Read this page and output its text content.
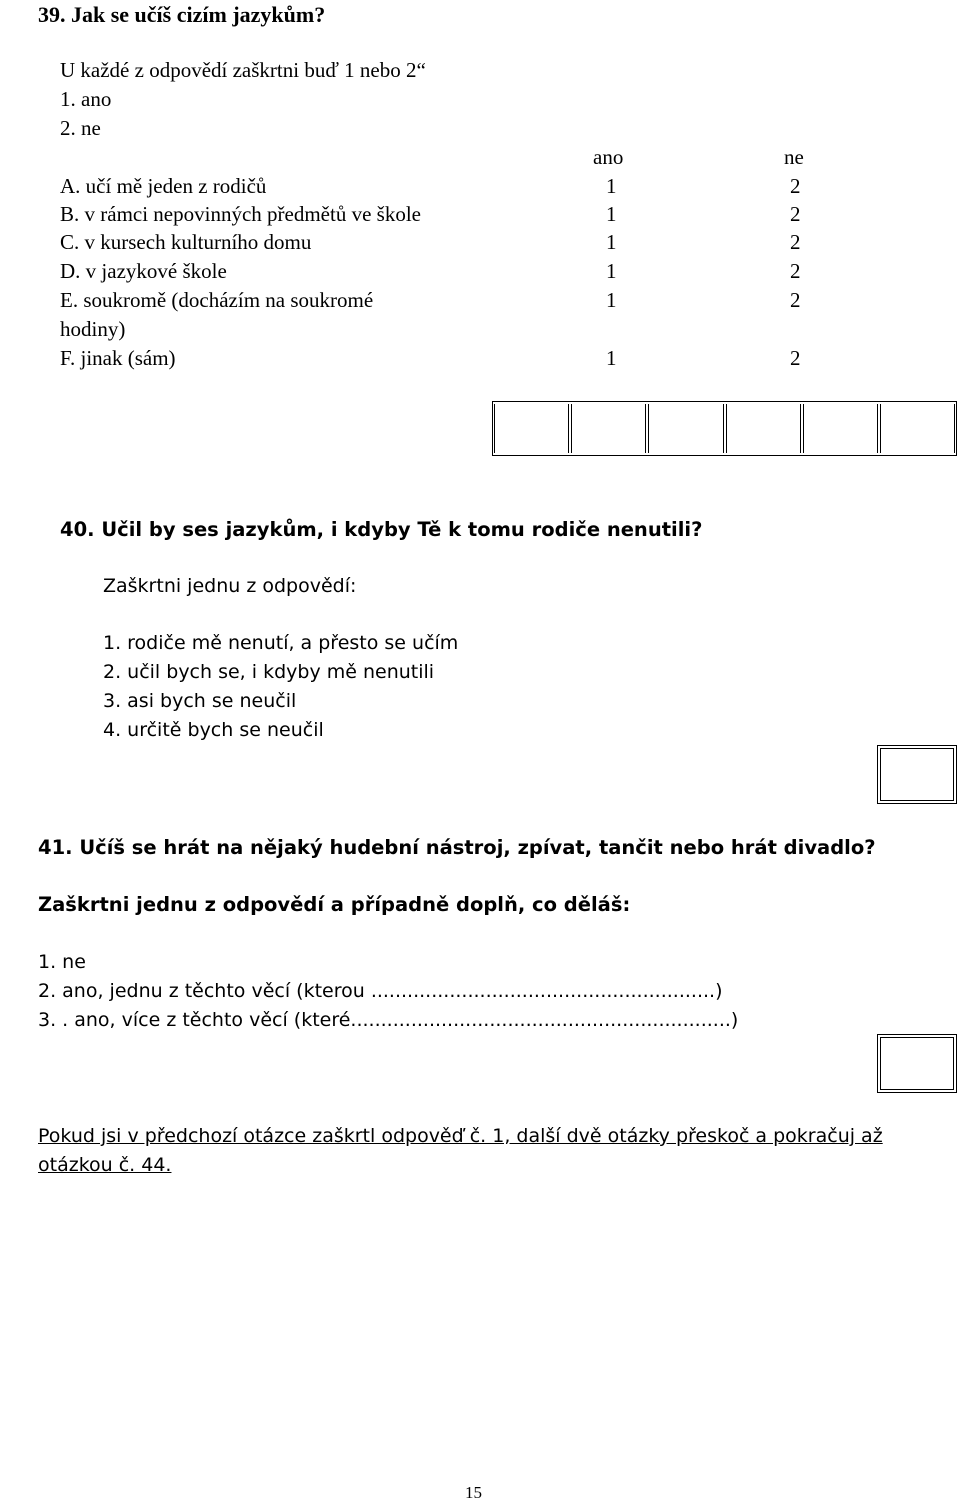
39. Jak se učíš cizím jazykům?
U každé z odpovědí zaškrtni buď 1 nebo 2“
1. ano
2. ne
ano	ne
A. učí mě jeden z rodičů	1	2
B. v rámci nepovinných předmětů ve škole	1	2
C. v kursech kulturního domu	1	2
D. v jazykové škole	1	2
E. soukromě (docházím na soukromé	1	2
hodiny)
F. jinak (sám)	1	2
40. Učil by ses jazykům, i kdyby Tě k tomu rodiče nenutili?
Zaškrtni jednu z odpovědí:
1. rodiče mě nenutí, a přesto se učím
2. učil bych se, i kdyby mě nenutili
3. asi bych se neučil
4. určitě bych se neučil
41. Učíš se hrát na nějaký hudební nástroj, zpívat, tančit nebo hrát divadlo?
Zaškrtni jednu z odpovědí a případně doplň, co děláš:
1. ne
2. ano, jednu z těchto věcí (kterou .........................................................)
3. . ano, více z těchto věcí (které...............................................................)
Pokud jsi v předchozí otázce zaškrtl odpověď č. 1, další dvě otázky přeskoč a pokračuj až
otázkou č. 44.
15
